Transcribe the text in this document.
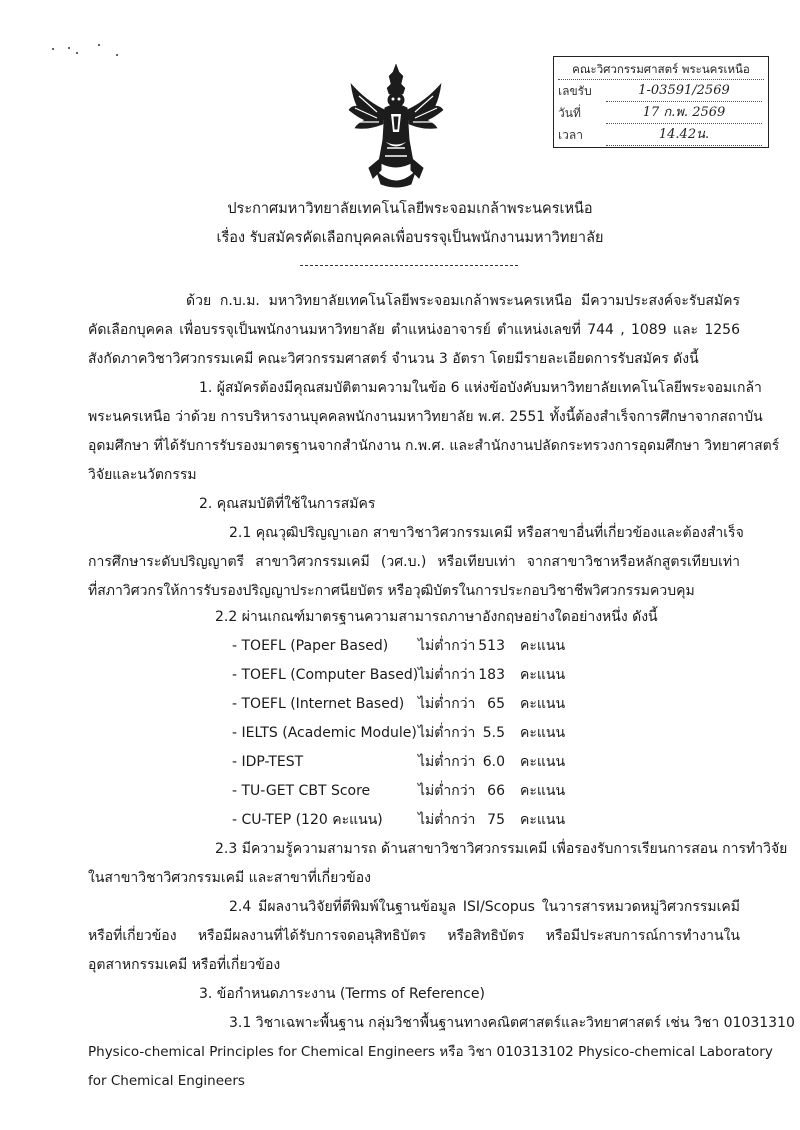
คณะวิศวกรรมศาสตร์ พระนครเหนือ
เลขรับ	1-03591/2569
วันที่	17 ก.พ. 2569
เวลา	14.42น.
ประกาศมหาวิทยาลัยเทคโนโลยีพระจอมเกล้าพระนครเหนือ
เรื่อง รับสมัครคัดเลือกบุคคลเพื่อบรรจุเป็นพนักงานมหาวิทยาลัย
ด้วย ก.บ.ม. มหาวิทยาลัยเทคโนโลยีพระจอมเกล้าพระนครเหนือ มีความประสงค์จะรับสมัคร
คัดเลือกบุคคล เพื่อบรรจุเป็นพนักงานมหาวิทยาลัย ตำแหน่งอาจารย์ ตำแหน่งเลขที่ 744 , 1089 และ 1256
สังกัดภาควิชาวิศวกรรมเคมี คณะวิศวกรรมศาสตร์ จำนวน 3 อัตรา โดยมีรายละเอียดการรับสมัคร ดังนี้
1. ผู้สมัครต้องมีคุณสมบัติตามความในข้อ 6 แห่งข้อบังคับมหาวิทยาลัยเทคโนโลยีพระจอมเกล้า
พระนครเหนือ ว่าด้วย การบริหารงานบุคคลพนักงานมหาวิทยาลัย พ.ศ. 2551 ทั้งนี้ต้องสำเร็จการศึกษาจากสถาบัน
อุดมศึกษา ที่ได้รับการรับรองมาตรฐานจากสำนักงาน ก.พ.ศ. และสำนักงานปลัดกระทรวงการอุดมศึกษา วิทยาศาสตร์
วิจัยและนวัตกรรม
2. คุณสมบัติที่ใช้ในการสมัคร
2.1 คุณวุฒิปริญญาเอก สาขาวิชาวิศวกรรมเคมี หรือสาขาอื่นที่เกี่ยวข้องและต้องสำเร็จ
การศึกษาระดับปริญญาตรี สาขาวิศวกรรมเคมี (วศ.บ.) หรือเทียบเท่า จากสาขาวิชาหรือหลักสูตรเทียบเท่า
ที่สภาวิศวกรให้การรับรองปริญญาประกาศนียบัตร หรือวุฒิบัตรในการประกอบวิชาชีพวิศวกรรมควบคุม
2.2 ผ่านเกณฑ์มาตรฐานความสามารถภาษาอังกฤษอย่างใดอย่างหนึ่ง ดังนี้
- TOEFL (Paper Based) ไม่ต่ำกว่า 513 คะแนน
- TOEFL (Computer Based) ไม่ต่ำกว่า 183 คะแนน
- TOEFL (Internet Based) ไม่ต่ำกว่า 65 คะแนน
- IELTS (Academic Module) ไม่ต่ำกว่า 5.5 คะแนน
- IDP-TEST	ไม่ต่ำกว่า 6.0 คะแนน
- TU-GET CBT Score	ไม่ต่ำกว่า 66 คะแนน
- CU-TEP (120 คะแนน)	ไม่ต่ำกว่า 75 คะแนน
2.3 มีความรู้ความสามารถ ด้านสาขาวิชาวิศวกรรมเคมี เพื่อรองรับการเรียนการสอน การทำวิจัย
ในสาขาวิชาวิศวกรรมเคมี และสาขาที่เกี่ยวข้อง
2.4 มีผลงานวิจัยที่ตีพิมพ์ในฐานข้อมูล ISI/Scopus ในวารสารหมวดหมู่วิศวกรรมเคมี
หรือที่เกี่ยวข้อง หรือมีผลงานที่ได้รับการจดอนุสิทธิบัตร หรือสิทธิบัตร หรือมีประสบการณ์การทำงานใน
อุตสาหกรรมเคมี หรือที่เกี่ยวข้อง
3. ข้อกำหนดภาระงาน (Terms of Reference)
3.1 วิชาเฉพาะพื้นฐาน กลุ่มวิชาพื้นฐานทางคณิตศาสตร์และวิทยาศาสตร์ เช่น วิชา 01031310
Physico-chemical Principles for Chemical Engineers หรือ วิชา 010313102 Physico-chemical Laboratory
for Chemical Engineers
